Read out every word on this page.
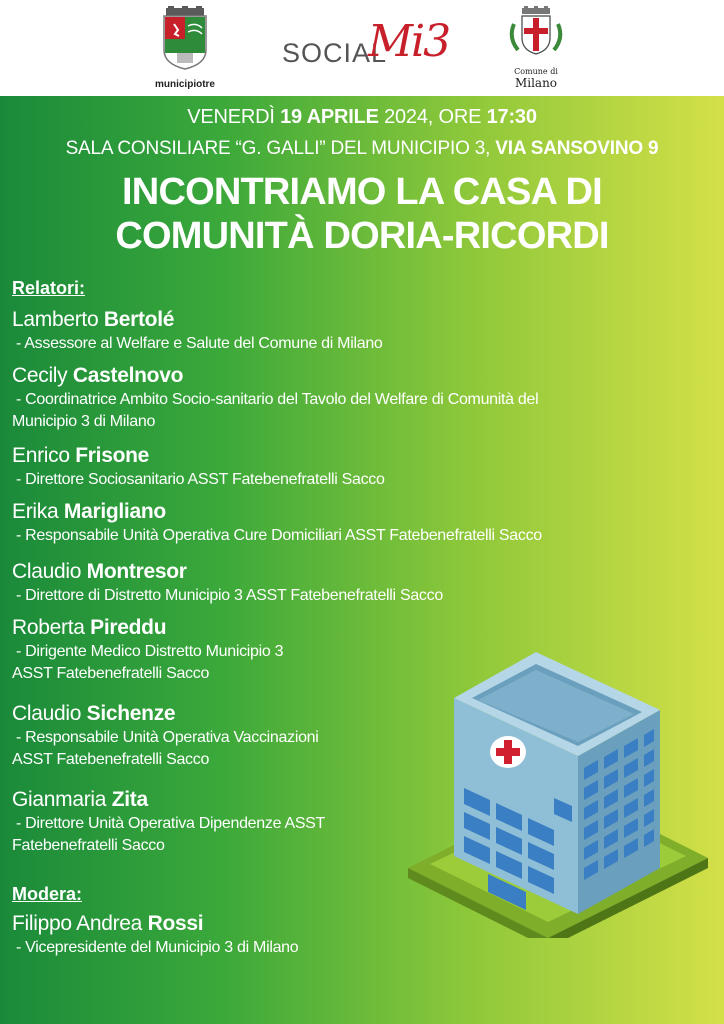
municipiotre
SOCIAL
Mi3
Comune di
Milano
VENERDÌ 19 APRILE 2024, ORE 17:30
SALA CONSILIARE “G. GALLI” DEL MUNICIPIO 3, VIA SANSOVINO 9
INCONTRIAMO LA CASA DI
COMUNITÀ DORIA-RICORDI
Relatori:
Lamberto Bertolé
- Assessore al Welfare e Salute del Comune di Milano
Cecily Castelnovo
- Coordinatrice Ambito Socio-sanitario del Tavolo del Welfare di Comunità del
Municipio 3 di Milano
Enrico Frisone
- Direttore Sociosanitario ASST Fatebenefratelli Sacco
Erika Marigliano
- Responsabile Unità Operativa Cure Domiciliari ASST Fatebenefratelli Sacco
Claudio Montresor
- Direttore di Distretto Municipio 3 ASST Fatebenefratelli Sacco
Roberta Pireddu
- Dirigente Medico Distretto Municipio 3
ASST Fatebenefratelli Sacco
Claudio Sichenze
- Responsabile Unità Operativa Vaccinazioni
ASST Fatebenefratelli Sacco
Gianmaria Zita
- Direttore Unità Operativa Dipendenze ASST
Fatebenefratelli Sacco
Modera:
Filippo Andrea Rossi
- Vicepresidente del Municipio 3 di Milano
